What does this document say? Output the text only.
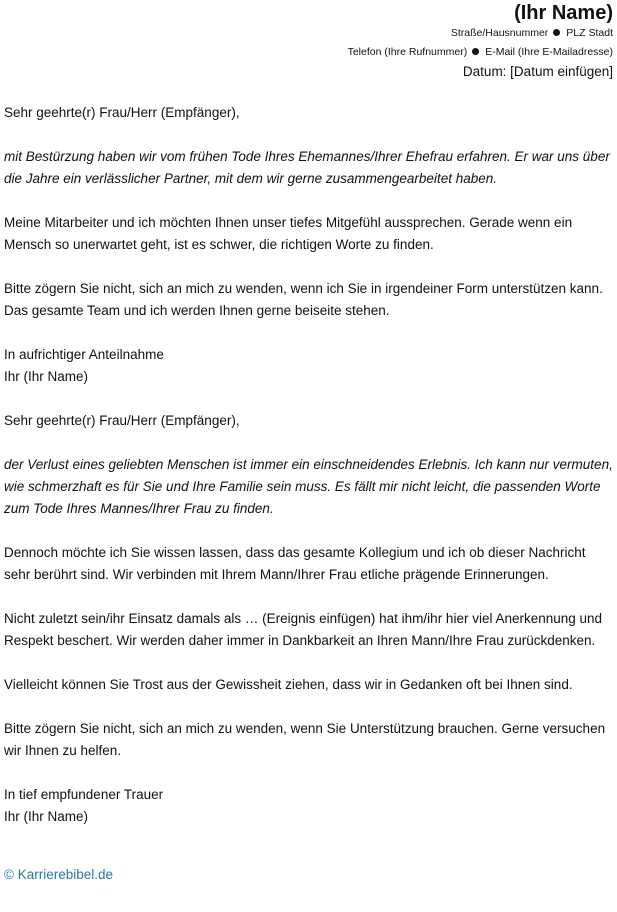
(Ihr Name)
Straße/Hausnummer PLZ Stadt
Telefon (Ihre Rufnummer) E-Mail (Ihre E-Mailadresse)
Datum: [Datum einfügen]

Sehr geehrte(r) Frau/Herr (Empfänger),

mit Bestürzung haben wir vom frühen Tode Ihres Ehemannes/Ihrer Ehefrau erfahren. Er war uns über die Jahre ein verlässlicher Partner, mit dem wir gerne zusammengearbeitet haben.

Meine Mitarbeiter und ich möchten Ihnen unser tiefes Mitgefühl aussprechen. Gerade wenn ein Mensch so unerwartet geht, ist es schwer, die richtigen Worte zu finden.

Bitte zögern Sie nicht, sich an mich zu wenden, wenn ich Sie in irgendeiner Form unterstützen kann. Das gesamte Team und ich werden Ihnen gerne beiseite stehen.

In aufrichtiger Anteilnahme

Ihr (Ihr Name)

Sehr geehrte(r) Frau/Herr (Empfänger),

der Verlust eines geliebten Menschen ist immer ein einschneidendes Erlebnis. Ich kann nur vermuten, wie schmerzhaft es für Sie und Ihre Familie sein muss. Es fällt mir nicht leicht, die passenden Worte zum Tode Ihres Mannes/Ihrer Frau zu finden.

Dennoch möchte ich Sie wissen lassen, dass das gesamte Kollegium und ich ob dieser Nachricht sehr berührt sind. Wir verbinden mit Ihrem Mann/Ihrer Frau etliche prägende Erinnerungen.

Nicht zuletzt sein/ihr Einsatz damals als … (Ereignis einfügen) hat ihm/ihr hier viel Anerkennung und Respekt beschert. Wir werden daher immer in Dankbarkeit an Ihren Mann/Ihre Frau zurückdenken.

Vielleicht können Sie Trost aus der Gewissheit ziehen, dass wir in Gedanken oft bei Ihnen sind.

Bitte zögern Sie nicht, sich an mich zu wenden, wenn Sie Unterstützung brauchen. Gerne versuchen wir Ihnen zu helfen.

In tief empfundener Trauer

Ihr (Ihr Name)

© Karrierebibel.de
